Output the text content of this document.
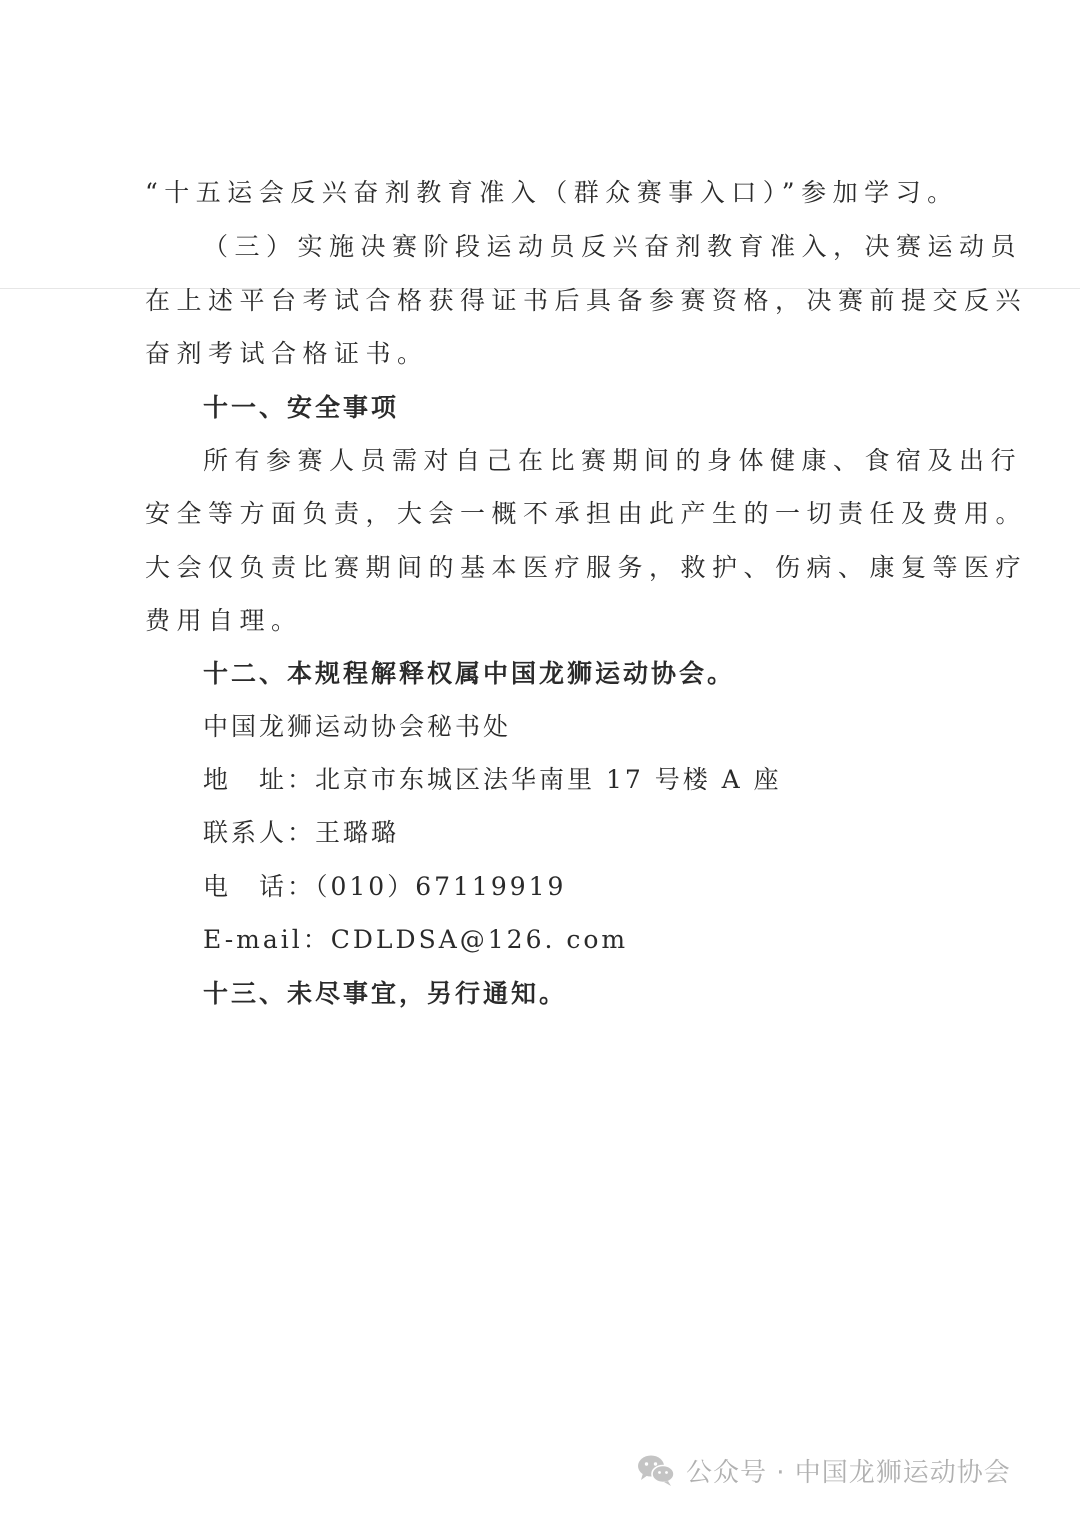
“十五运会反兴奋剂教育准入（群众赛事入口）”参加学习。
（三）实施决赛阶段运动员反兴奋剂教育准入，决赛运动员
在上述平台考试合格获得证书后具备参赛资格，决赛前提交反兴
奋剂考试合格证书。
十一、安全事项
所有参赛人员需对自己在比赛期间的身体健康、食宿及出行
安全等方面负责，大会一概不承担由此产生的一切责任及费用。
大会仅负责比赛期间的基本医疗服务，救护、伤病、康复等医疗
费用自理。
十二、本规程解释权属中国龙狮运动协会。
中国龙狮运动协会秘书处
地　址：北京市东城区法华南里 17 号楼 A 座
联系人：王璐璐
电　话：（010）67119919
E-mail：CDLDSA@126. com
十三、未尽事宜，另行通知。
公众号 · 中国龙狮运动协会
